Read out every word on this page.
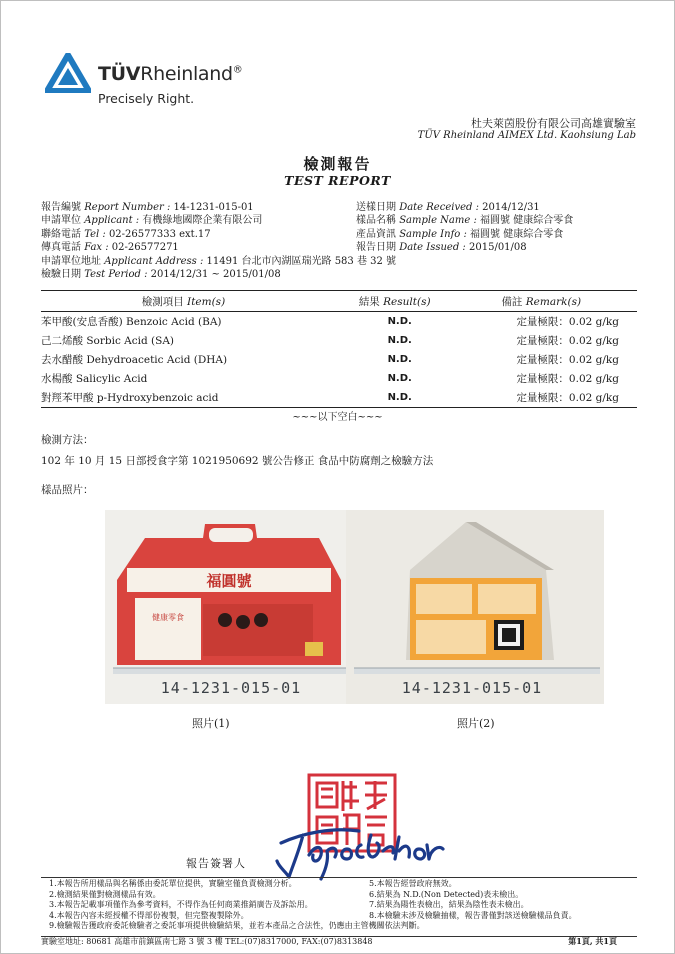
TÜVRheinland®
Precisely Right.
杜夫萊茵股份有限公司高雄實驗室
TÜV Rheinland AIMEX Ltd. Kaohsiung Lab
檢測報告
TEST REPORT
報告編號 Report Number : 14-1231-015-01
申請單位 Applicant : 有機綠地國際企業有限公司
聯絡電話 Tel : 02-26577333 ext.17
傳真電話 Fax : 02-26577271
申請單位地址 Applicant Address : 11491 台北市內湖區瑞光路 583 巷 32 號
檢驗日期 Test Period : 2014/12/31 ~ 2015/01/08
送樣日期 Date Received : 2014/12/31
樣品名稱 Sample Name : 福圓號 健康綜合零食
產品資訊 Sample Info : 福圓號 健康綜合零食
報告日期 Date Issued : 2015/01/08
檢測項目 Item(s)	結果 Result(s)	備註 Remark(s)
苯甲酸(安息香酸) Benzoic Acid (BA)	N.D.	定量極限：0.02 g/kg
己二烯酸 Sorbic Acid (SA)	N.D.	定量極限：0.02 g/kg
去水醋酸 Dehydroacetic Acid (DHA)	N.D.	定量極限：0.02 g/kg
水楊酸 Salicylic Acid	N.D.	定量極限：0.02 g/kg
對羥苯甲酸 p-Hydroxybenzoic acid	N.D.	定量極限：0.02 g/kg
~~~以下空白~~~
檢測方法：
102 年 10 月 15 日部授食字第 1021950692 號公告修正 食品中防腐劑之檢驗方法
樣品照片：
福圓號
健康零食
14-1231-015-01	14-1231-015-01
照片(1)	照片(2)
報告簽署人
1.本報告所用樣品與名稱係由委託單位提供，實驗室僅負責檢測分析。
2.檢測結果僅對檢測樣品有效。
3.本報告記載事項僅作為參考資料，不得作為任何商業推銷廣告及訴訟用。
4.本報告內容未經授權不得部份複製，但完整複製除外。
9.檢驗報告獲政府委託檢驗者之委託事項提供檢驗結果，並若本產品之合法性，仍應由主管機關依法判斷。
5.本報告經營政府無效。
6.結果為 N.D.(Non Detected)表未檢出。
7.結果為陽性表檢出，結果為陰性表未檢出。
8.本檢驗未涉及檢驗抽樣，報告書僅對該送檢驗樣品負責。
實驗室地址: 80681 高雄市前鎮區南七路 3 號 3 樓 TEL:(07)8317000, FAX:(07)8313848	第1頁, 共1頁
